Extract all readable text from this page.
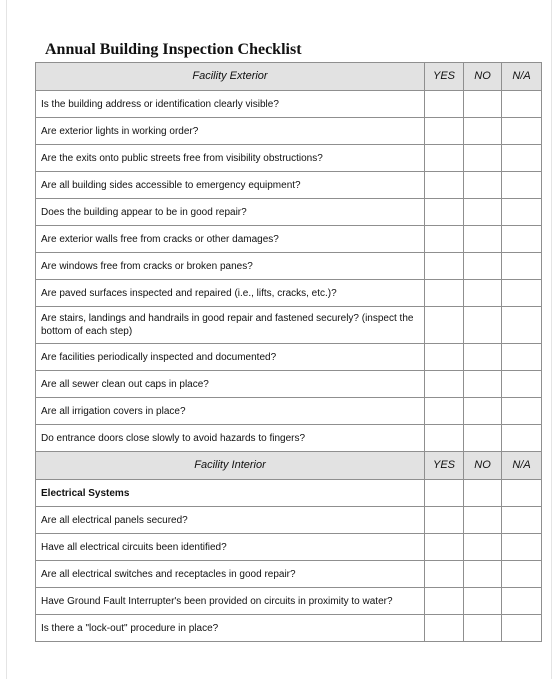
Annual Building Inspection Checklist
Facility Exterior	YES	NO	N/A
Is the building address or identification clearly visible?			
Are exterior lights in working order?			
Are the exits onto public streets free from visibility obstructions?			
Are all building sides accessible to emergency equipment?			
Does the building appear to be in good repair?			
Are exterior walls free from cracks or other damages?			
Are windows free from cracks or broken panes?			
Are paved surfaces inspected and repaired (i.e., lifts, cracks, etc.)?			
Are stairs, landings and handrails in good repair and fastened securely? (inspect the bottom of each step)			
Are facilities periodically inspected and documented?			
Are all sewer clean out caps in place?			
Are all irrigation covers in place?			
Do entrance doors close slowly to avoid hazards to fingers?			
Facility Interior	YES	NO	N/A
Electrical Systems			
Are all electrical panels secured?			
Have all electrical circuits been identified?			
Are all electrical switches and receptacles in good repair?			
Have Ground Fault Interrupter's been provided on circuits in proximity to water?			
Is there a "lock-out" procedure in place?			
